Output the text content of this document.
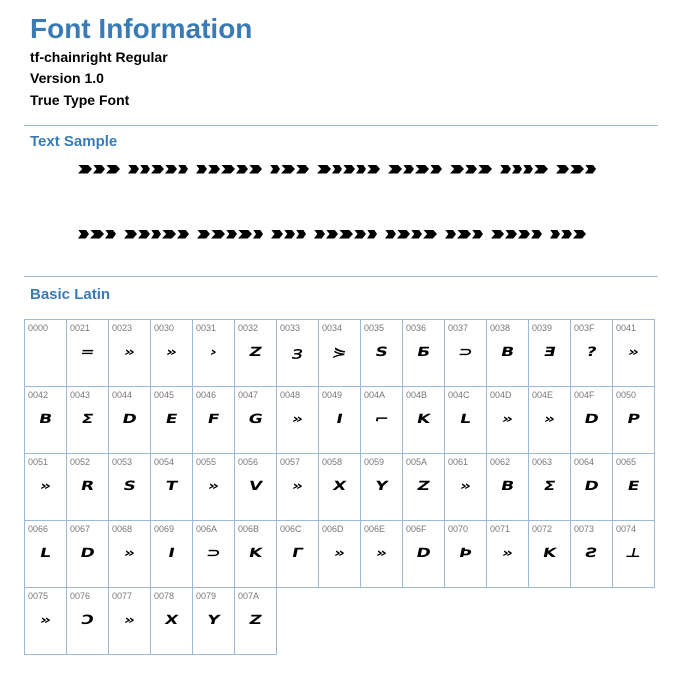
Font Information
tf-chainright Regular
Version 1.0
True Type Font
Text Sample
Basic Latin
0000 0021
=
0023
»
0030
»
0031
›
0032
Z
0033
Ɜ
0034
⋟
0035
S
0036
Ƃ
0037
⊃
0038
B
0039
Ǝ
003F
?
0041
»
0042
B
0043
Σ
0044
D
0045
E
0046
F
0047
G
0048
»
0049
I
004A
⌐
004B
K
004C
L
004D
»
004E
»
004F
D
0050
P
0051
»
0052
R
0053
S
0054
T
0055
»
0056
V
0057
»
0058
X
0059
Y
005A
Z
0061
»
0062
B
0063
Σ
0064
D
0065
E
0066
L
0067
D
0068
»
0069
I
006A
⊃
006B
K
006C
Γ
006D
»
006E
»
006F
D
0070
Þ
0071
»
0072
K
0073
Ƨ
0074
⊥
0075
»
0076
Ɔ
0077
»
0078
X
0079
Y
007A
Z
